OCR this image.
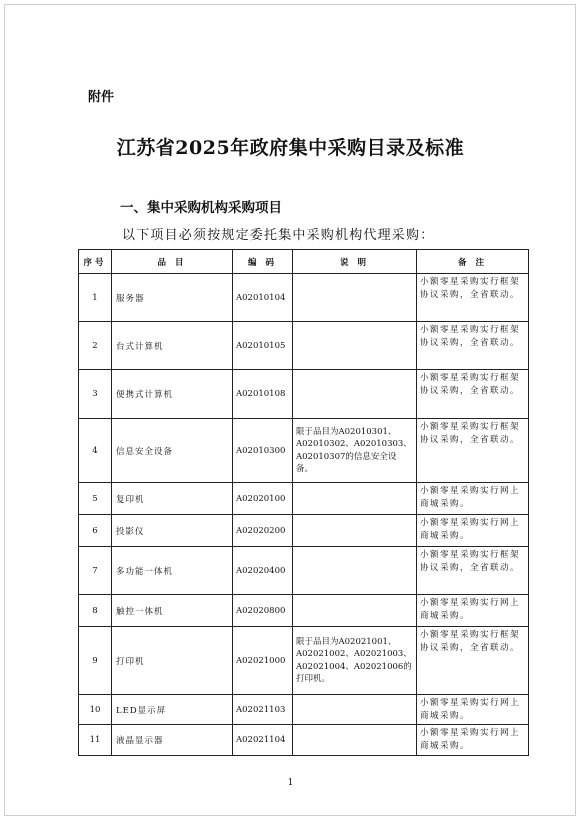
附件
江苏省2025年政府集中采购目录及标准
一、集中采购机构采购项目
以下项目必须按规定委托集中采购机构代理采购：
序号	品 目	编 码	说 明	备 注
1	服务器	A02010104		小额零星采购实行框架协议采购，全省联动。
2	台式计算机	A02010105		小额零星采购实行框架协议采购，全省联动。
3	便携式计算机	A02010108		小额零星采购实行框架协议采购，全省联动。
4	信息安全设备	A02010300	限于品目为A02010301、A02010302、A02010303、A02010307的信息安全设备。	小额零星采购实行框架协议采购，全省联动。
5	复印机	A02020100		小额零星采购实行网上商城采购。
6	投影仪	A02020200		小额零星采购实行网上商城采购。
7	多功能一体机	A02020400		小额零星采购实行框架协议采购，全省联动。
8	触控一体机	A02020800		小额零星采购实行网上商城采购。
9	打印机	A02021000	限于品目为A02021001、A02021002、A02021003、A02021004、A02021006的打印机。	小额零星采购实行框架协议采购，全省联动。
10	LED显示屏	A02021103		小额零星采购实行网上商城采购。
11	液晶显示器	A02021104		小额零星采购实行网上商城采购。
1
